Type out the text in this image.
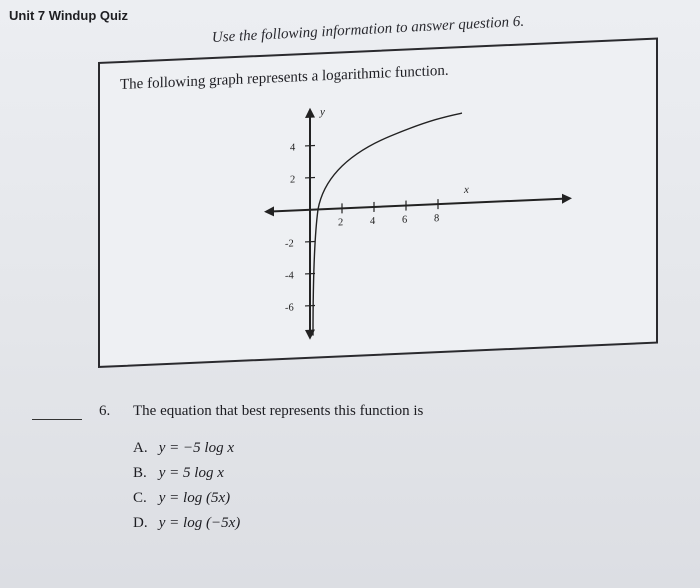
Unit 7 Windup Quiz	Use the following information to answer question 6.
The following graph represents a logarithmic function.
2	4	6	8
4
2
-2
-4
-6
y
x
6. The equation that best represents this function is
A. y = −5 log x
B. y = 5 log x
C. y = log (5x)
D. y = log (−5x)
